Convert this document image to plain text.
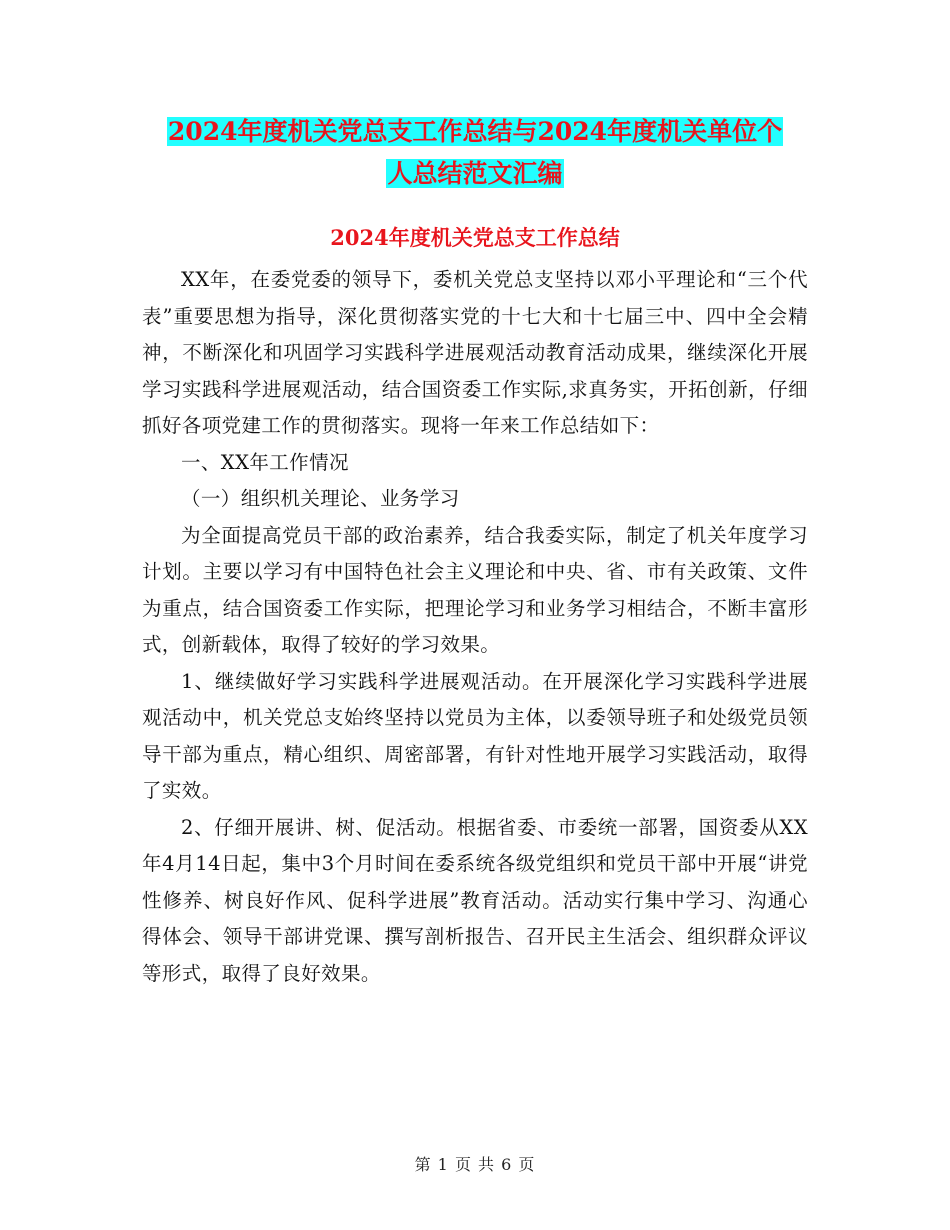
2024年度机关党总支工作总结与2024年度机关单位个
人总结范文汇编
2024年度机关党总支工作总结

XX年，在委党委的领导下，委机关党总支坚持以邓小平理论和“三个代表”重要思想为指导，深化贯彻落实党的十七大和十七届三中、四中全会精神，不断深化和巩固学习实践科学进展观活动教育活动成果，继续深化开展学习实践科学进展观活动，结合国资委工作实际,求真务实，开拓创新，仔细抓好各项党建工作的贯彻落实。现将一年来工作总结如下：

一、XX年工作情况

（一）组织机关理论、业务学习

为全面提高党员干部的政治素养，结合我委实际，制定了机关年度学习计划。主要以学习有中国特色社会主义理论和中央、省、市有关政策、文件为重点，结合国资委工作实际，把理论学习和业务学习相结合，不断丰富形式，创新载体，取得了较好的学习效果。

1、继续做好学习实践科学进展观活动。在开展深化学习实践科学进展观活动中，机关党总支始终坚持以党员为主体，以委领导班子和处级党员领导干部为重点，精心组织、周密部署，有针对性地开展学习实践活动，取得了实效。

2、仔细开展讲、树、促活动。根据省委、市委统一部署，国资委从XX年4月14日起，集中3个月时间在委系统各级党组织和党员干部中开展“讲党性修养、树良好作风、促科学进展”教育活动。活动实行集中学习、沟通心得体会、领导干部讲党课、撰写剖析报告、召开民主生活会、组织群众评议等形式，取得了良好效果。

第 1 页 共 6 页
